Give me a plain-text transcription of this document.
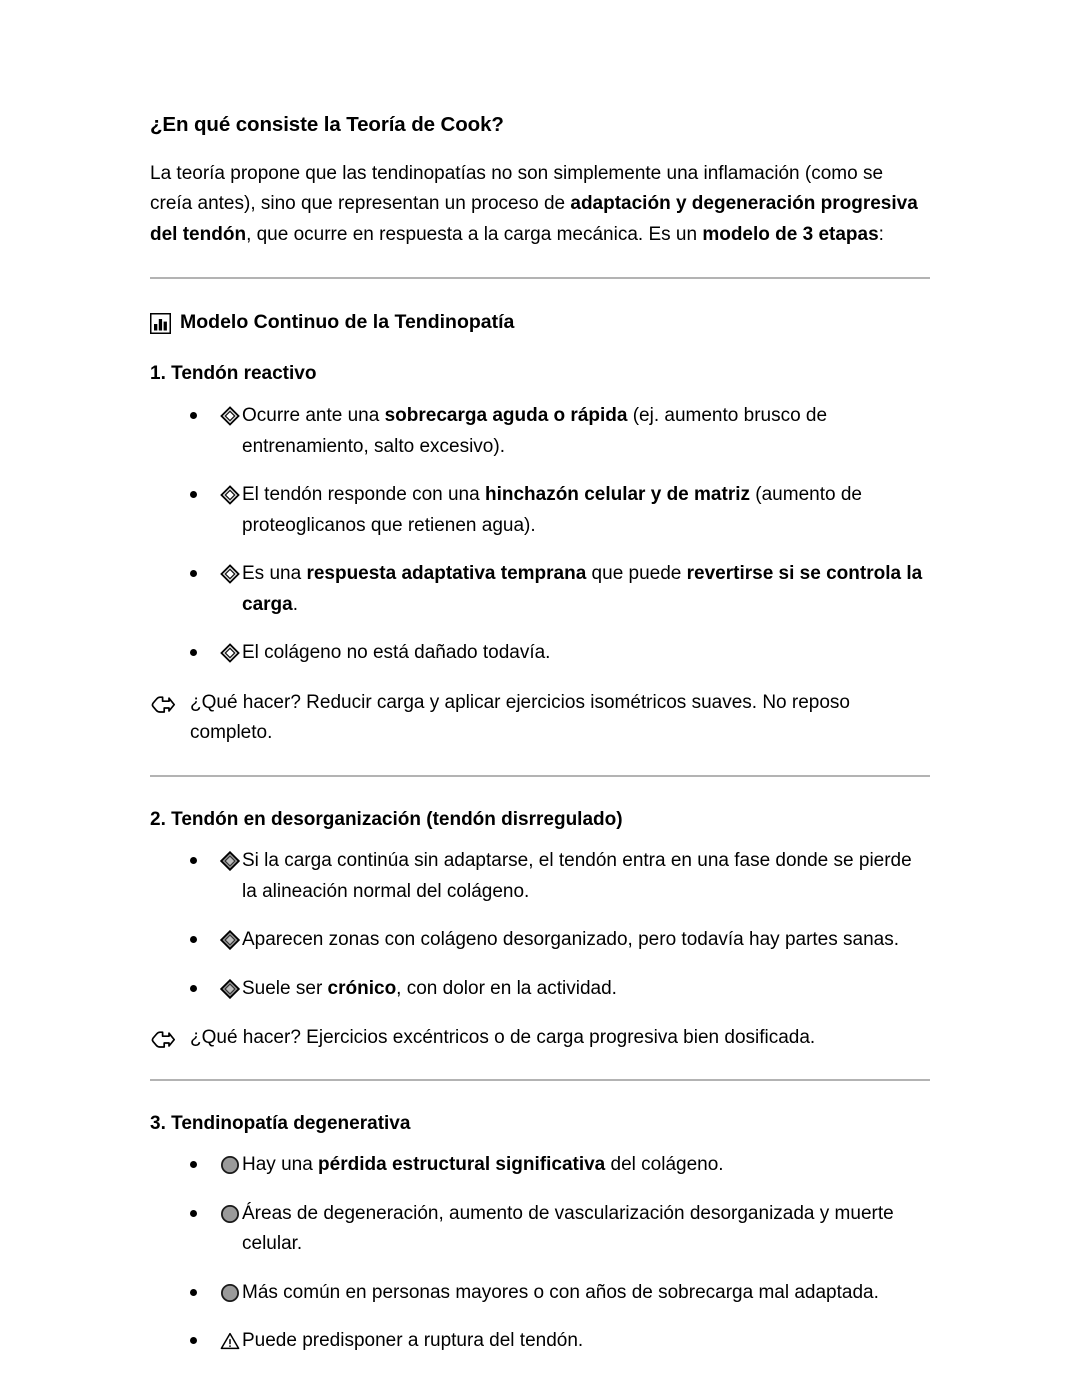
¿En qué consiste la Teoría de Cook?

La teoría propone que las tendinopatías no son simplemente una inflamación (como se creía antes), sino que representan un proceso de adaptación y degeneración progresiva del tendón, que ocurre en respuesta a la carga mecánica. Es un modelo de 3 etapas:

Modelo Continuo de la Tendinopatía
1. Tendón reactivo
Ocurre ante una sobrecarga aguda o rápida (ej. aumento brusco de entrenamiento, salto excesivo).
El tendón responde con una hinchazón celular y de matriz (aumento de proteoglicanos que retienen agua).
Es una respuesta adaptativa temprana que puede revertirse si se controla la carga.
El colágeno no está dañado todavía.

¿Qué hacer? Reducir carga y aplicar ejercicios isométricos suaves. No reposo completo.

2. Tendón en desorganización (tendón disrregulado)
Si la carga continúa sin adaptarse, el tendón entra en una fase donde se pierde la alineación normal del colágeno.
Aparecen zonas con colágeno desorganizado, pero todavía hay partes sanas.
Suele ser crónico, con dolor en la actividad.

¿Qué hacer? Ejercicios excéntricos o de carga progresiva bien dosificada.

3. Tendinopatía degenerativa
Hay una pérdida estructural significativa del colágeno.
Áreas de degeneración, aumento de vascularización desorganizada y muerte celular.
Más común en personas mayores o con años de sobrecarga mal adaptada.
Puede predisponer a ruptura del tendón.
